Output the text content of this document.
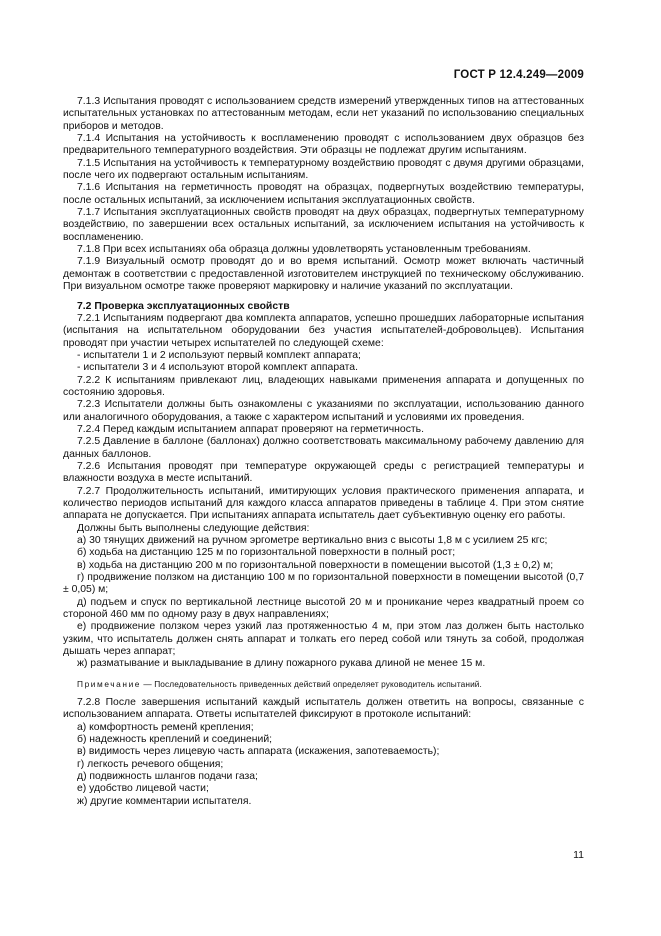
ГОСТ Р 12.4.249—2009

7.1.3 Испытания проводят с использованием средств измерений утвержденных типов на аттестованных испытательных установках по аттестованным методам, если нет указаний по использованию специальных приборов и методов.

7.1.4 Испытания на устойчивость к воспламенению проводят с использованием двух образцов без предварительного температурного воздействия. Эти образцы не подлежат другим испытаниям.

7.1.5 Испытания на устойчивость к температурному воздействию проводят с двумя другими образцами, после чего их подвергают остальным испытаниям.

7.1.6 Испытания на герметичность проводят на образцах, подвергнутых воздействию температуры, после остальных испытаний, за исключением испытания эксплуатационных свойств.

7.1.7 Испытания эксплуатационных свойств проводят на двух образцах, подвергнутых температурному воздействию, по завершении всех остальных испытаний, за исключением испытания на устойчивость к воспламенению.

7.1.8 При всех испытаниях оба образца должны удовлетворять установленным требованиям.

7.1.9 Визуальный осмотр проводят до и во время испытаний. Осмотр может включать частичный демонтаж в соответствии с предоставленной изготовителем инструкцией по техническому обслуживанию. При визуальном осмотре также проверяют маркировку и наличие указаний по эксплуатации.

7.2 Проверка эксплуатационных свойств

7.2.1 Испытаниям подвергают два комплекта аппаратов, успешно прошедших лабораторные испытания (испытания на испытательном оборудовании без участия испытателей-добровольцев). Испытания проводят при участии четырех испытателей по следующей схеме:

- испытатели 1 и 2 используют первый комплект аппарата;

- испытатели 3 и 4 используют второй комплект аппарата.

7.2.2 К испытаниям привлекают лиц, владеющих навыками применения аппарата и допущенных по состоянию здоровья.

7.2.3 Испытатели должны быть ознакомлены с указаниями по эксплуатации, использованию данного или аналогичного оборудования, а также с характером испытаний и условиями их проведения.

7.2.4 Перед каждым испытанием аппарат проверяют на герметичность.

7.2.5 Давление в баллоне (баллонах) должно соответствовать максимальному рабочему давлению для данных баллонов.

7.2.6 Испытания проводят при температуре окружающей среды с регистрацией температуры и влажности воздуха в месте испытаний.

7.2.7 Продолжительность испытаний, имитирующих условия практического применения аппарата, и количество периодов испытаний для каждого класса аппаратов приведены в таблице 4. При этом снятие аппарата не допускается. При испытаниях аппарата испытатель дает субъективную оценку его работы.

Должны быть выполнены следующие действия:

а) 30 тянущих движений на ручном эргометре вертикально вниз с высоты 1,8 м с усилием 25 кгс;

б) ходьба на дистанцию 125 м по горизонтальной поверхности в полный рост;

в) ходьба на дистанцию 200 м по горизонтальной поверхности в помещении высотой (1,3 ± 0,2) м;

г) продвижение ползком на дистанцию 100 м по горизонтальной поверхности в помещении высотой (0,7 ± 0,05) м;

д) подъем и спуск по вертикальной лестнице высотой 20 м и проникание через квадратный проем со стороной 460 мм по одному разу в двух направлениях;

е) продвижение ползком через узкий лаз протяженностью 4 м, при этом лаз должен быть настолько узким, что испытатель должен снять аппарат и толкать его перед собой или тянуть за собой, продолжая дышать через аппарат;

ж) разматывание и выкладывание в длину пожарного рукава длиной не менее 15 м.

Примечание — Последовательность приведенных действий определяет руководитель испытаний.

7.2.8 После завершения испытаний каждый испытатель должен ответить на вопросы, связанные с использованием аппарата. Ответы испытателей фиксируют в протоколе испытаний:

а) комфортность ременй крепления;

б) надежность креплений и соединений;

в) видимость через лицевую часть аппарата (искажения, запотеваемость);

г) легкость речевого общения;

д) подвижность шлангов подачи газа;

е) удобство лицевой части;

ж) другие комментарии испытателя.

11
